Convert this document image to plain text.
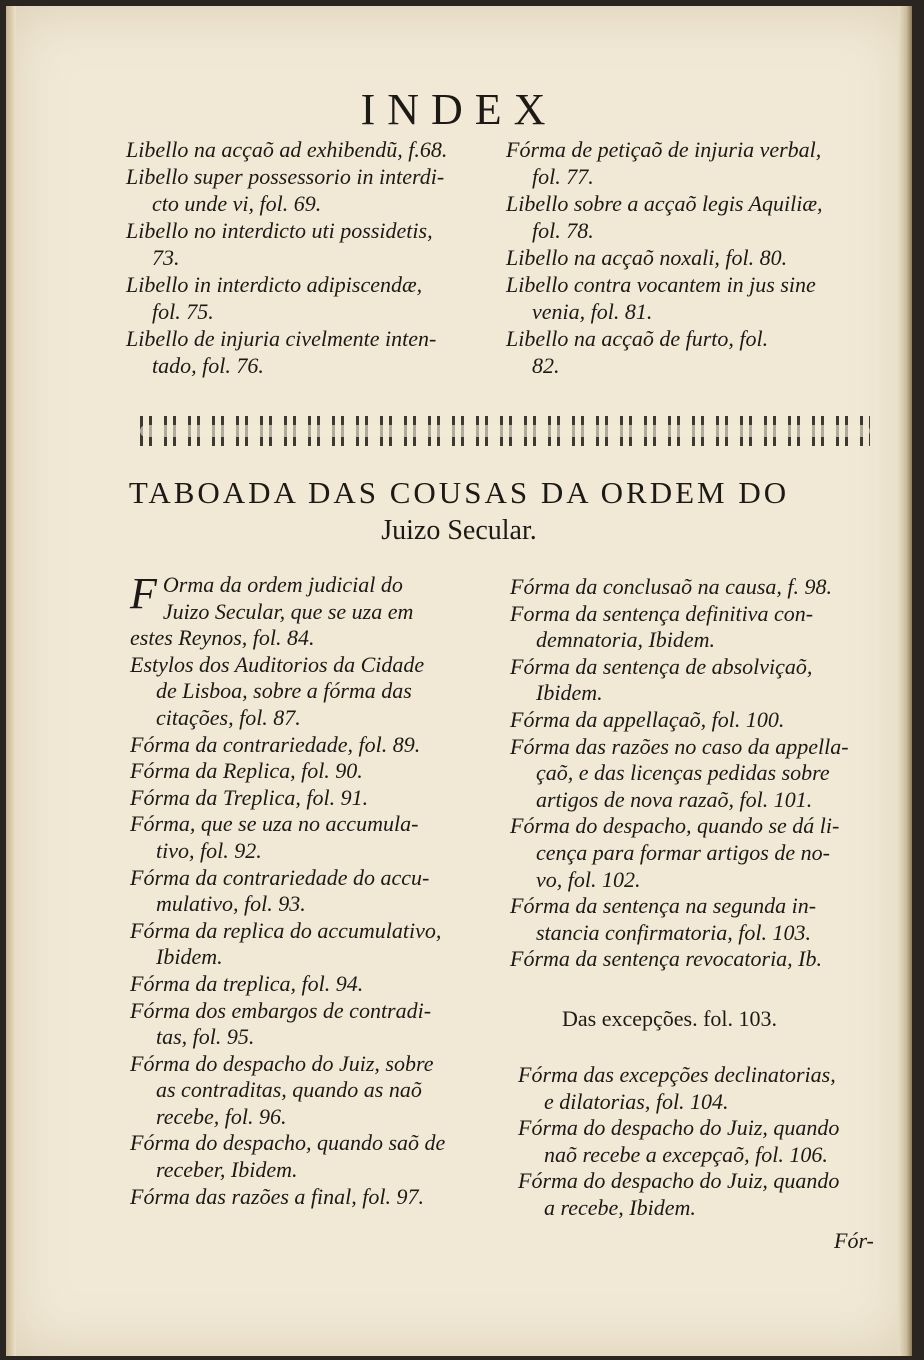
INDEX
Libello na acçaõ ad exhibendũ, f.68.
Libello super possessorio in interdi-
cto unde vi, fol. 69.
Libello no interdicto uti possidetis,
73.
Libello in interdicto adipiscendæ,
fol. 75.
Libello de injuria civelmente inten-
tado, fol. 76.
Fórma de petiçaõ de injuria verbal,
fol. 77.
Libello sobre a acçaõ legis Aquiliæ,
fol. 78.
Libello na acçaõ noxali, fol. 80.
Libello contra vocantem in jus sine
venia, fol. 81.
Libello na acçaõ de furto, fol.
82.
TABOADA DAS COUSAS DA ORDEM DO
Juizo Secular.
F Orma da ordem judicial do
Juizo Secular, que se uza em
estes Reynos, fol. 84.
Estylos dos Auditorios da Cidade
de Lisboa, sobre a fórma das
citações, fol. 87.
Fórma da contrariedade, fol. 89.
Fórma da Replica, fol. 90.
Fórma da Treplica, fol. 91.
Fórma, que se uza no accumula-
tivo, fol. 92.
Fórma da contrariedade do accu-
mulativo, fol. 93.
Fórma da replica do accumulativo,
Ibidem.
Fórma da treplica, fol. 94.
Fórma dos embargos de contradi-
tas, fol. 95.
Fórma do despacho do Juiz, sobre
as contraditas, quando as naõ
recebe, fol. 96.
Fórma do despacho, quando saõ de
receber, Ibidem.
Fórma das razões a final, fol. 97.
Fórma da conclusaõ na causa, f. 98.
Forma da sentença definitiva con-
demnatoria, Ibidem.
Fórma da sentença de absolviçaõ,
Ibidem.
Fórma da appellaçaõ, fol. 100.
Fórma das razões no caso da appella-
çaõ, e das licenças pedidas sobre
artigos de nova razaõ, fol. 101.
Fórma do despacho, quando se dá li-
cença para formar artigos de no-
vo, fol. 102.
Fórma da sentença na segunda in-
stancia confirmatoria, fol. 103.
Fórma da sentença revocatoria, Ib.
Das excepções. fol. 103.
Fórma das excepções declinatorias,
e dilatorias, fol. 104.
Fórma do despacho do Juiz, quando
naõ recebe a excepçaõ, fol. 106.
Fórma do despacho do Juiz, quando
a recebe, Ibidem.
Fór-
